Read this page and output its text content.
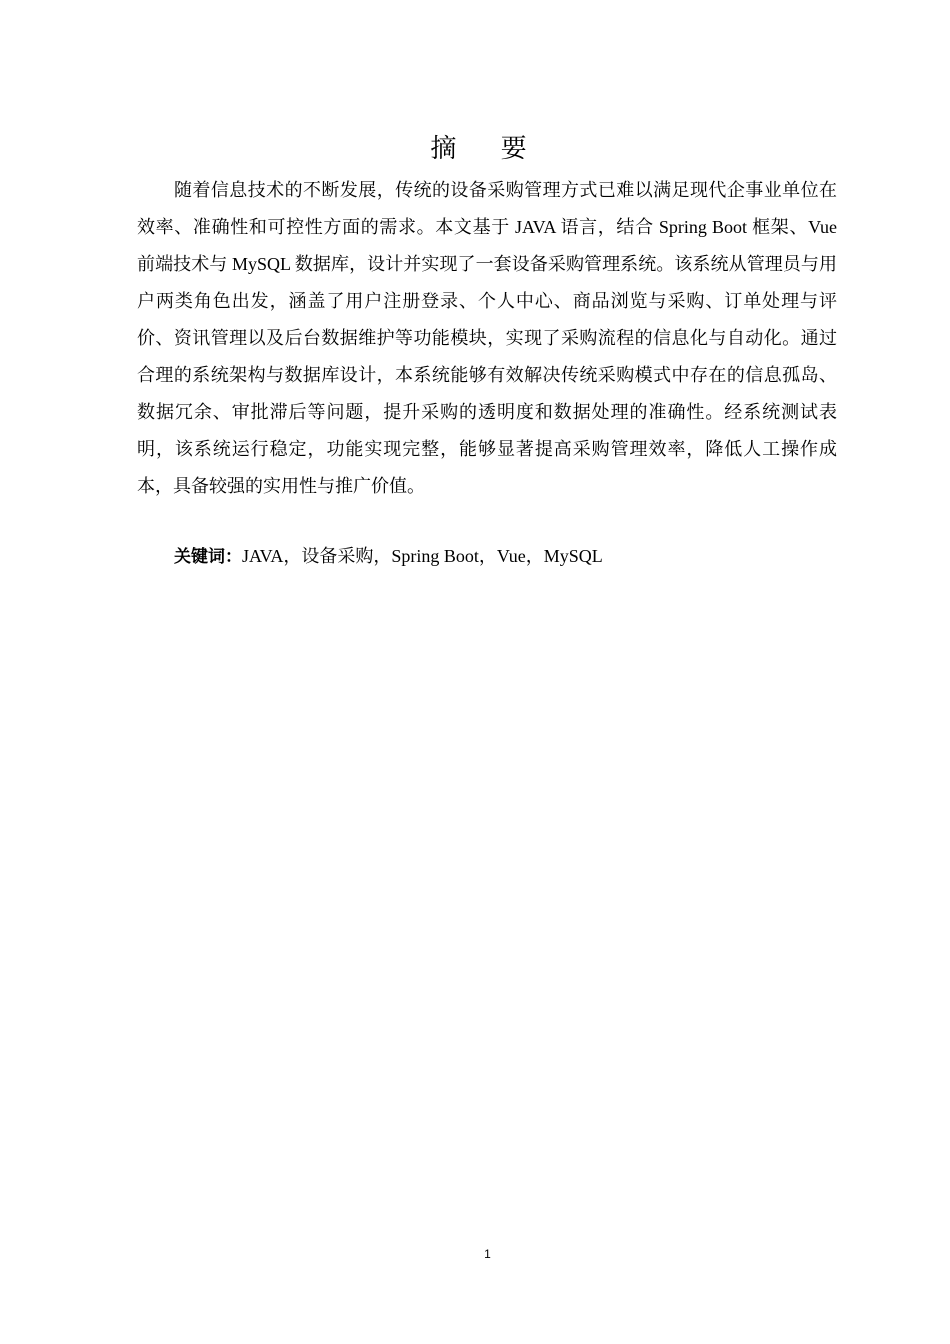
摘 要

随着信息技术的不断发展，传统的设备采购管理方式已难以满足现代企事业单位在效率、准确性和可控性方面的需求。本文基于 JAVA 语言，结合 Spring Boot 框架、Vue 前端技术与 MySQL 数据库，设计并实现了一套设备采购管理系统。该系统从管理员与用户两类角色出发，涵盖了用户注册登录、个人中心、商品浏览与采购、订单处理与评价、资讯管理以及后台数据维护等功能模块，实现了采购流程的信息化与自动化。通过合理的系统架构与数据库设计，本系统能够有效解决传统采购模式中存在的信息孤岛、数据冗余、审批滞后等问题，提升采购的透明度和数据处理的准确性。经系统测试表明，该系统运行稳定，功能实现完整，能够显著提高采购管理效率，降低人工操作成本，具备较强的实用性与推广价值。

关键词：JAVA，设备采购，Spring Boot，Vue，MySQL

1
